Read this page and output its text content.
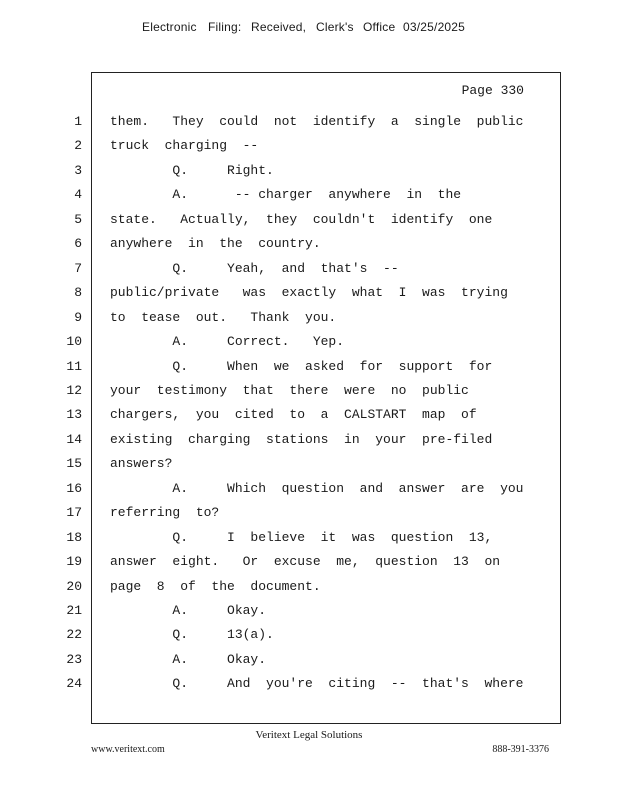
Electronic Filing: Received, Clerk's Office 03/25/2025
Page 330
1 them.   They  could  not  identify  a  single  public
2 truck  charging  --
3 Q.     Right.
4 A.      -- charger  anywhere  in  the
5 state.   Actually,  they  couldn't  identify  one
6 anywhere  in  the  country.
7 Q.     Yeah,  and  that's  --
8 public/private   was  exactly  what  I  was  trying
9 to  tease  out.   Thank  you.
10 A.     Correct.   Yep.
11 Q.     When  we  asked  for  support  for
12 your  testimony  that  there  were  no  public
13 chargers,  you  cited  to  a  CALSTART  map  of
14 existing  charging  stations  in  your  pre-filed
15 answers?
16 A.     Which  question  and  answer  are  you
17 referring  to?
18 Q.     I  believe  it  was  question  13,
19 answer  eight.   Or  excuse  me,  question  13  on
20 page  8  of  the  document.
21 A.     Okay.
22 Q.     13(a).
23 A.     Okay.
24 Q.     And  you're  citing  --  that's  where
Veritext Legal Solutions
www.veritext.com	888-391-3376
